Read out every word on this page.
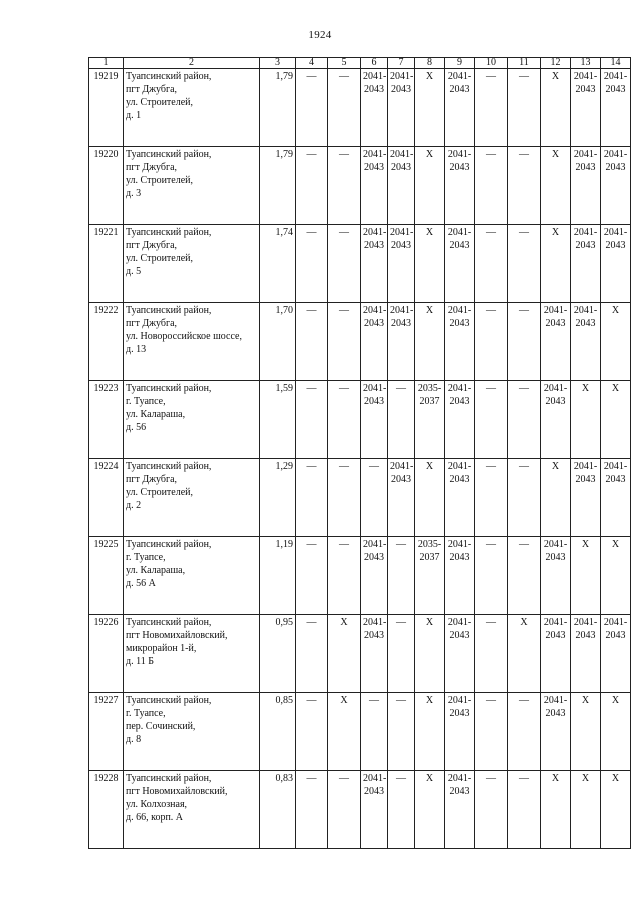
1924
1	2	3	4	5	6	7	8	9	10	11	12	13	14
19219	Туапсинский район,
пгт Джубга,
ул. Строителей,
д. 1	1,79	—	—	2041-
2043	2041-
2043	X	2041-
2043	—	—	X	2041-
2043	2041-
2043

19220	Туапсинский район,
пгт Джубга,
ул. Строителей,
д. 3	1,79	—	—	2041-
2043	2041-
2043	X	2041-
2043	—	—	X	2041-
2043	2041-
2043

19221	Туапсинский район,
пгт Джубга,
ул. Строителей,
д. 5	1,74	—	—	2041-
2043	2041-
2043	X	2041-
2043	—	—	X	2041-
2043	2041-
2043

19222	Туапсинский район,
пгт Джубга,
ул. Новороссийское шоссе,
д. 13	1,70	—	—	2041-
2043	2041-
2043	X	2041-
2043	—	—	2041-
2043	2041-
2043	X

19223	Туапсинский район,
г. Туапсе,
ул. Калараша,
д. 56	1,59	—	—	2041-
2043	—	2035-
2037	2041-
2043	—	—	2041-
2043	X	X

19224	Туапсинский район,
пгт Джубга,
ул. Строителей,
д. 2	1,29	—	—	—	2041-
2043	X	2041-
2043	—	—	X	2041-
2043	2041-
2043

19225	Туапсинский район,
г. Туапсе,
ул. Калараша,
д. 56 А	1,19	—	—	2041-
2043	—	2035-
2037	2041-
2043	—	—	2041-
2043	X	X

19226	Туапсинский район,
пгт Новомихайловский,
микрорайон 1-й,
д. 11 Б	0,95	—	X	2041-
2043	—	X	2041-
2043	—	X	2041-
2043	2041-
2043	2041-
2043

19227	Туапсинский район,
г. Туапсе,
пер. Сочинский,
д. 8	0,85	—	X	—	—	X	2041-
2043	—	—	2041-
2043	X	X

19228	Туапсинский район,
пгт Новомихайловский,
ул. Колхозная,
д. 66, корп. А	0,83	—	—	2041-
2043	—	X	2041-
2043	—	—	X	X	X
